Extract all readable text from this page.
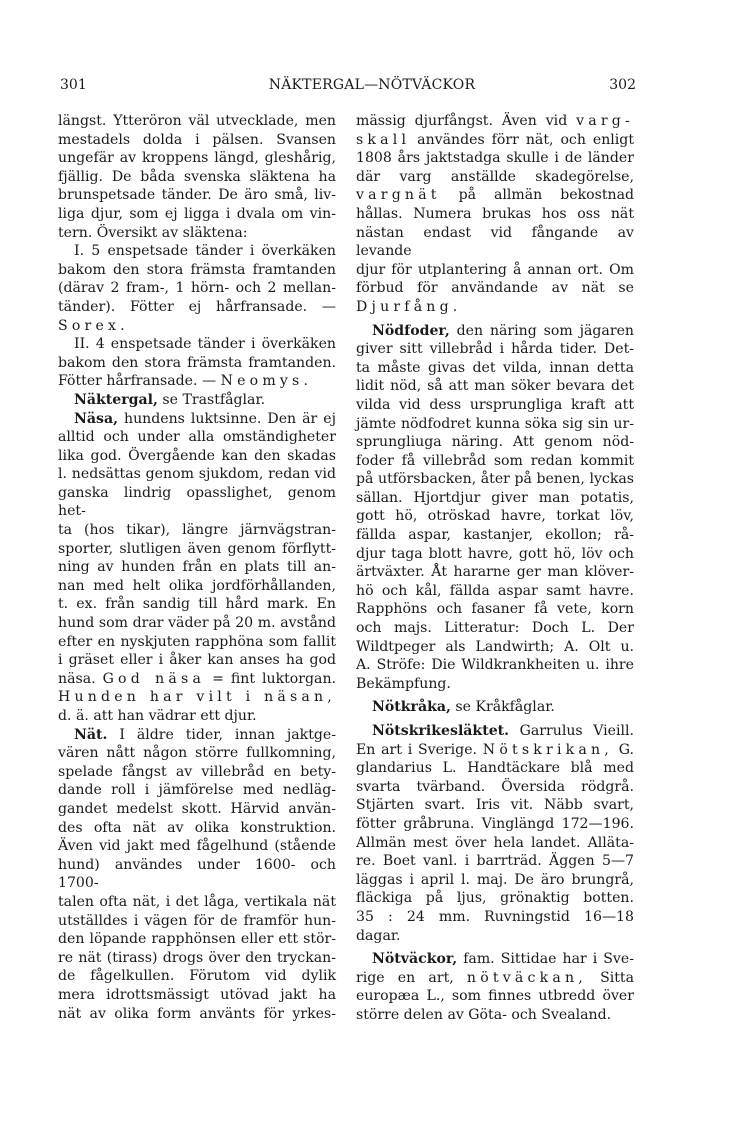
301	NÄKTERGAL—NÖTVÄCKOR	302
längst. Ytteröron väl utvecklade, men
mestadels dolda i pälsen. Svansen
ungefär av kroppens längd, gleshårig,
fjällig. De båda svenska släktena ha
brunspetsade tänder. De äro små, liv-
liga djur, som ej ligga i dvala om vin-
tern. Översikt av släktena:
I. 5 enspetsade tänder i överkäken
bakom den stora främsta framtanden
(därav 2 fram-, 1 hörn- och 2 mellan-
tänder). Fötter ej hårfransade. —
Sorex.
II. 4 enspetsade tänder i överkäken
bakom den stora främsta framtanden.
Fötter hårfransade. — Neomys.
Näktergal, se Trastfåglar.
Näsa, hundens luktsinne. Den är ej
alltid och under alla omständigheter
lika god. Övergående kan den skadas
l. nedsättas genom sjukdom, redan vid
ganska lindrig opasslighet, genom het-
ta (hos tikar), längre järnvägstran-
sporter, slutligen även genom förflytt-
ning av hunden från en plats till an-
nan med helt olika jordförhållanden,
t. ex. från sandig till hård mark. En
hund som drar väder på 20 m. avstånd
efter en nyskjuten rapphöna som fallit
i gräset eller i åker kan anses ha god
näsa. God näsa = fint luktorgan.
Hunden har vilt i näsan,
d. ä. att han vädrar ett djur.
Nät. I äldre tider, innan jaktge-
vären nått någon större fullkomning,
spelade fångst av villebråd en bety-
dande roll i jämförelse med nedläg-
gandet medelst skott. Härvid använ-
des ofta nät av olika konstruktion.
Även vid jakt med fågelhund (stående
hund) användes under 1600- och 1700-
talen ofta nät, i det låga, vertikala nät
utställdes i vägen för de framför hun-
den löpande rapphönsen eller ett stör-
re nät (tirass) drogs över den tryckan-
de fågelkullen. Förutom vid dylik
mera idrottsmässigt utövad jakt ha
nät av olika form använts för yrkes-
mässig djurfångst. Även vid varg-
skall användes förr nät, och enligt
1808 års jaktstadga skulle i de länder
där varg anställde skadegörelse,
vargnät på allmän bekostnad
hållas. Numera brukas hos oss nät
nästan endast vid fångande av levande
djur för utplantering å annan ort. Om
förbud för användande av nät se
Djurfång.
Nödfoder, den näring som jägaren
giver sitt villebråd i hårda tider. Det-
ta måste givas det vilda, innan detta
lidit nöd, så att man söker bevara det
vilda vid dess ursprungliga kraft att
jämte nödfodret kunna söka sig sin ur-
sprungliuga näring. Att genom nöd-
foder få villebråd som redan kommit
på utförsbacken, åter på benen, lyckas
sällan. Hjortdjur giver man potatis,
gott hö, otröskad havre, torkat löv,
fällda aspar, kastanjer, ekollon; rå-
djur taga blott havre, gott hö, löv och
ärtväxter. Åt hararne ger man klöver-
hö och kål, fällda aspar samt havre.
Rapphöns och fasaner få vete, korn
och majs. Litteratur: Doch L. Der
Wildtpeger als Landwirth; A. Olt u.
A. Ströfe: Die Wildkrankheiten u. ihre
Bekämpfung.
Nötkråka, se Kråkfåglar.
Nötskrikesläktet. Garrulus Vieill.
En art i Sverige. Nötskrikan, G.
glandarius L. Handtäckare blå med
svarta tvärband. Översida rödgrå.
Stjärten svart. Iris vit. Näbb svart,
fötter gråbruna. Vinglängd 172—196.
Allmän mest över hela landet. Alläta-
re. Boet vanl. i barrträd. Äggen 5—7
läggas i april l. maj. De äro brungrå,
fläckiga på ljus, grönaktig botten.
35 : 24 mm. Ruvningstid 16—18 dagar.
Nötväckor, fam. Sittidae har i Sve-
rige en art, nötväckan, Sitta
europæa L., som finnes utbredd över
större delen av Göta- och Svealand.
